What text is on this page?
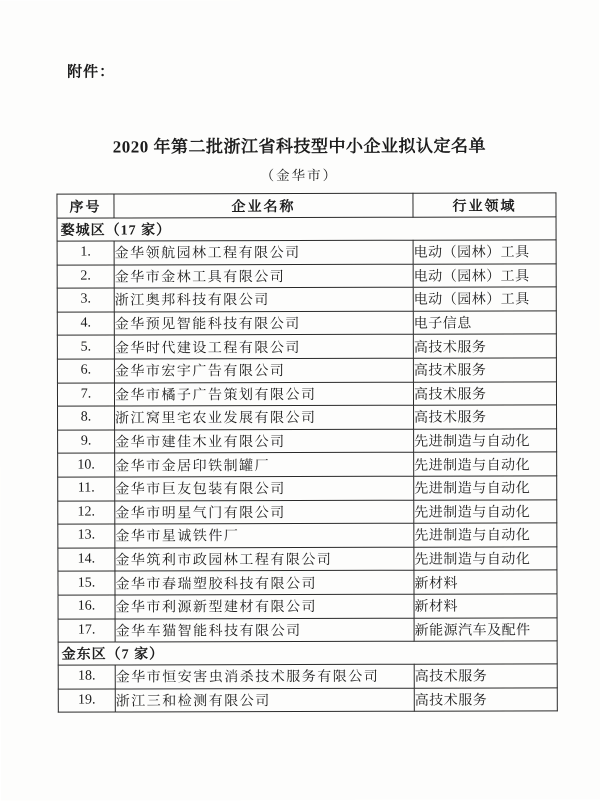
附件：
2020 年第二批浙江省科技型中小企业拟认定名单
（金华市）
序号	企业名称	行业领域
婺城区（17 家）		
1.	金华领航园林工程有限公司	电动（园林）工具
2.	金华市金林工具有限公司	电动（园林）工具
3.	浙江奥邦科技有限公司	电动（园林）工具
4.	金华预见智能科技有限公司	电子信息
5.	金华时代建设工程有限公司	高技术服务
6.	金华市宏宇广告有限公司	高技术服务
7.	金华市橘子广告策划有限公司	高技术服务
8.	浙江窝里宅农业发展有限公司	高技术服务
9.	金华市建佳木业有限公司	先进制造与自动化
10.	金华市金居印铁制罐厂	先进制造与自动化
11.	金华市巨友包装有限公司	先进制造与自动化
12.	金华市明星气门有限公司	先进制造与自动化
13.	金华市星诚铁件厂	先进制造与自动化
14.	金华筑利市政园林工程有限公司	先进制造与自动化
15.	金华市春瑞塑胶科技有限公司	新材料
16.	金华市利源新型建材有限公司	新材料
17.	金华车猫智能科技有限公司	新能源汽车及配件
金东区（7 家）		
18.	金华市恒安害虫消杀技术服务有限公司	高技术服务
19.	浙江三和检测有限公司	高技术服务
